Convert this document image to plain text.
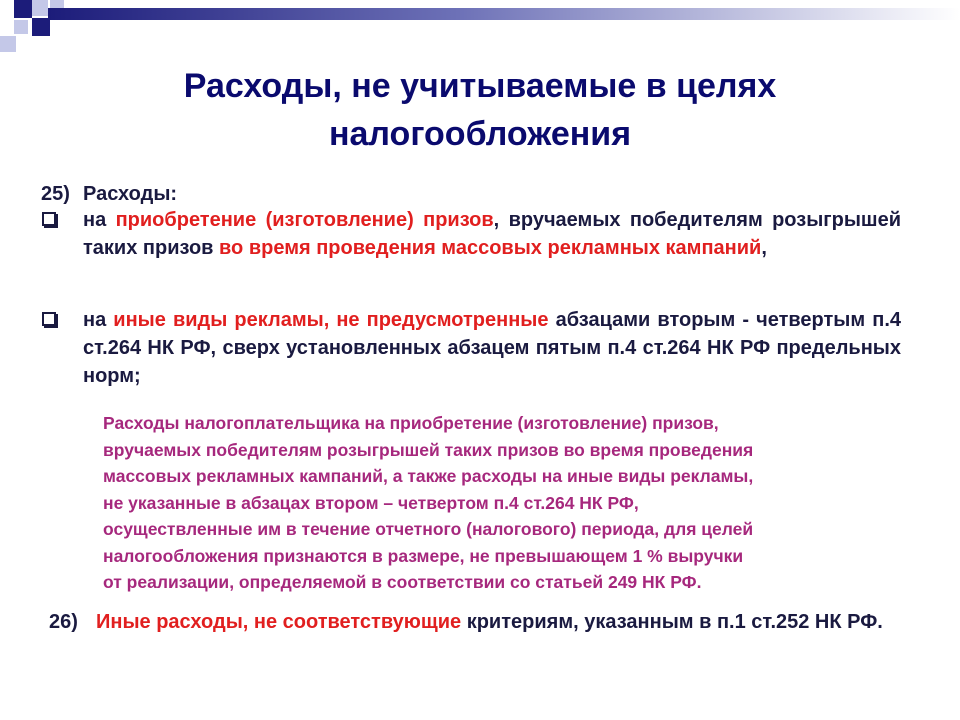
Расходы, не учитываемые в целях
налогообложения
25) Расходы:
на приобретение (изготовление) призов, вручаемых победителям розыгрышей таких призов во время проведения массовых рекламных кампаний,
на иные виды рекламы, не предусмотренные абзацами вторым - четвертым п.4 ст.264 НК РФ, сверх установленных абзацем пятым п.4 ст.264 НК РФ предельных норм;
Расходы налогоплательщика на приобретение (изготовление) призов,
вручаемых победителям розыгрышей таких призов во время проведения
массовых рекламных кампаний, а также расходы на иные виды рекламы,
не указанные в абзацах втором – четвертом п.4 ст.264 НК РФ,
осуществленные им в течение отчетного (налогового) периода, для целей
налогообложения признаются в размере, не превышающем 1 % выручки
от реализации, определяемой в соответствии со статьей 249 НК РФ.
26) Иные расходы, не соответствующие критериям, указанным в п.1 ст.252 НК РФ.
